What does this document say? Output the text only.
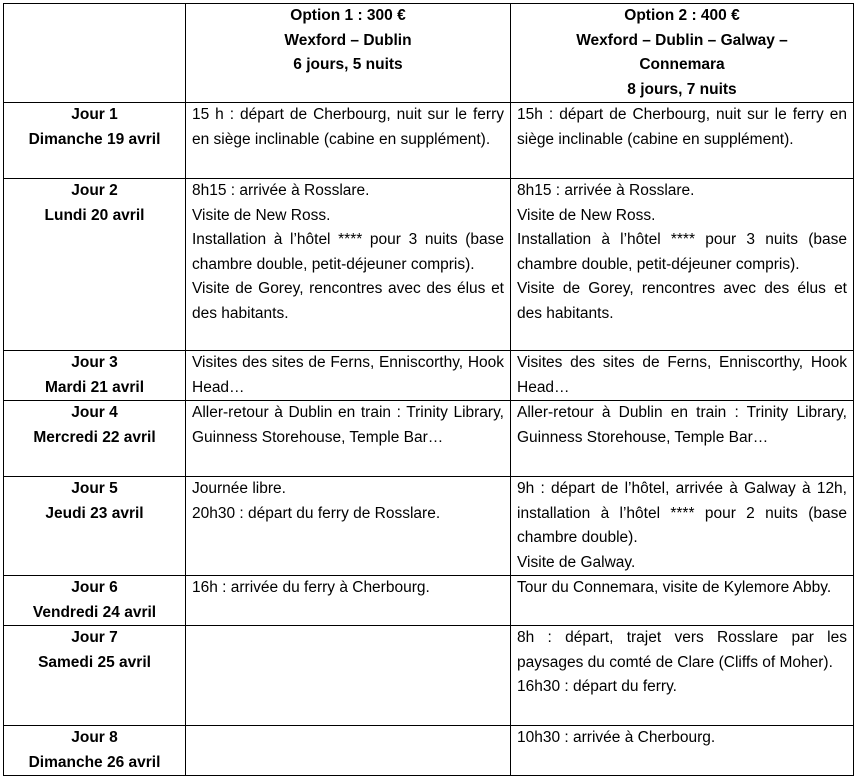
	Option 1 : 300 €
Wexford – Dublin
6 jours, 5 nuits	Option 2 : 400 €
Wexford – Dublin – Galway –
Connemara
8 jours, 7 nuits

Jour 1
Dimanche 19 avril	15 h : départ de Cherbourg, nuit sur le ferry en siège inclinable (cabine en supplément).	15h : départ de Cherbourg, nuit sur le ferry en siège inclinable (cabine en supplément).

Jour 2
Lundi 20 avril	8h15 : arrivée à Rosslare.
Visite de New Ross.
Installation à l’hôtel **** pour 3 nuits (base chambre double, petit-déjeuner compris).
Visite de Gorey, rencontres avec des élus et des habitants.	8h15 : arrivée à Rosslare.
Visite de New Ross.
Installation à l’hôtel **** pour 3 nuits (base chambre double, petit-déjeuner compris).
Visite de Gorey, rencontres avec des élus et des habitants.

Jour 3
Mardi 21 avril	Visites des sites de Ferns, Enniscorthy, Hook Head…	Visites des sites de Ferns, Enniscorthy, Hook Head…

Jour 4
Mercredi 22 avril	Aller-retour à Dublin en train : Trinity Library, Guinness Storehouse, Temple Bar…	Aller-retour à Dublin en train : Trinity Library, Guinness Storehouse, Temple Bar…

Jour 5
Jeudi 23 avril	Journée libre.
20h30 : départ du ferry de Rosslare.	9h : départ de l’hôtel, arrivée à Galway à 12h, installation à l’hôtel **** pour 2 nuits (base chambre double).
Visite de Galway.

Jour 6
Vendredi 24 avril	16h : arrivée du ferry à Cherbourg.	Tour du Connemara, visite de Kylemore Abby.

Jour 7
Samedi 25 avril		8h : départ, trajet vers Rosslare par les paysages du comté de Clare (Cliffs of Moher).
16h30 : départ du ferry.

Jour 8
Dimanche 26 avril		10h30 : arrivée à Cherbourg.
